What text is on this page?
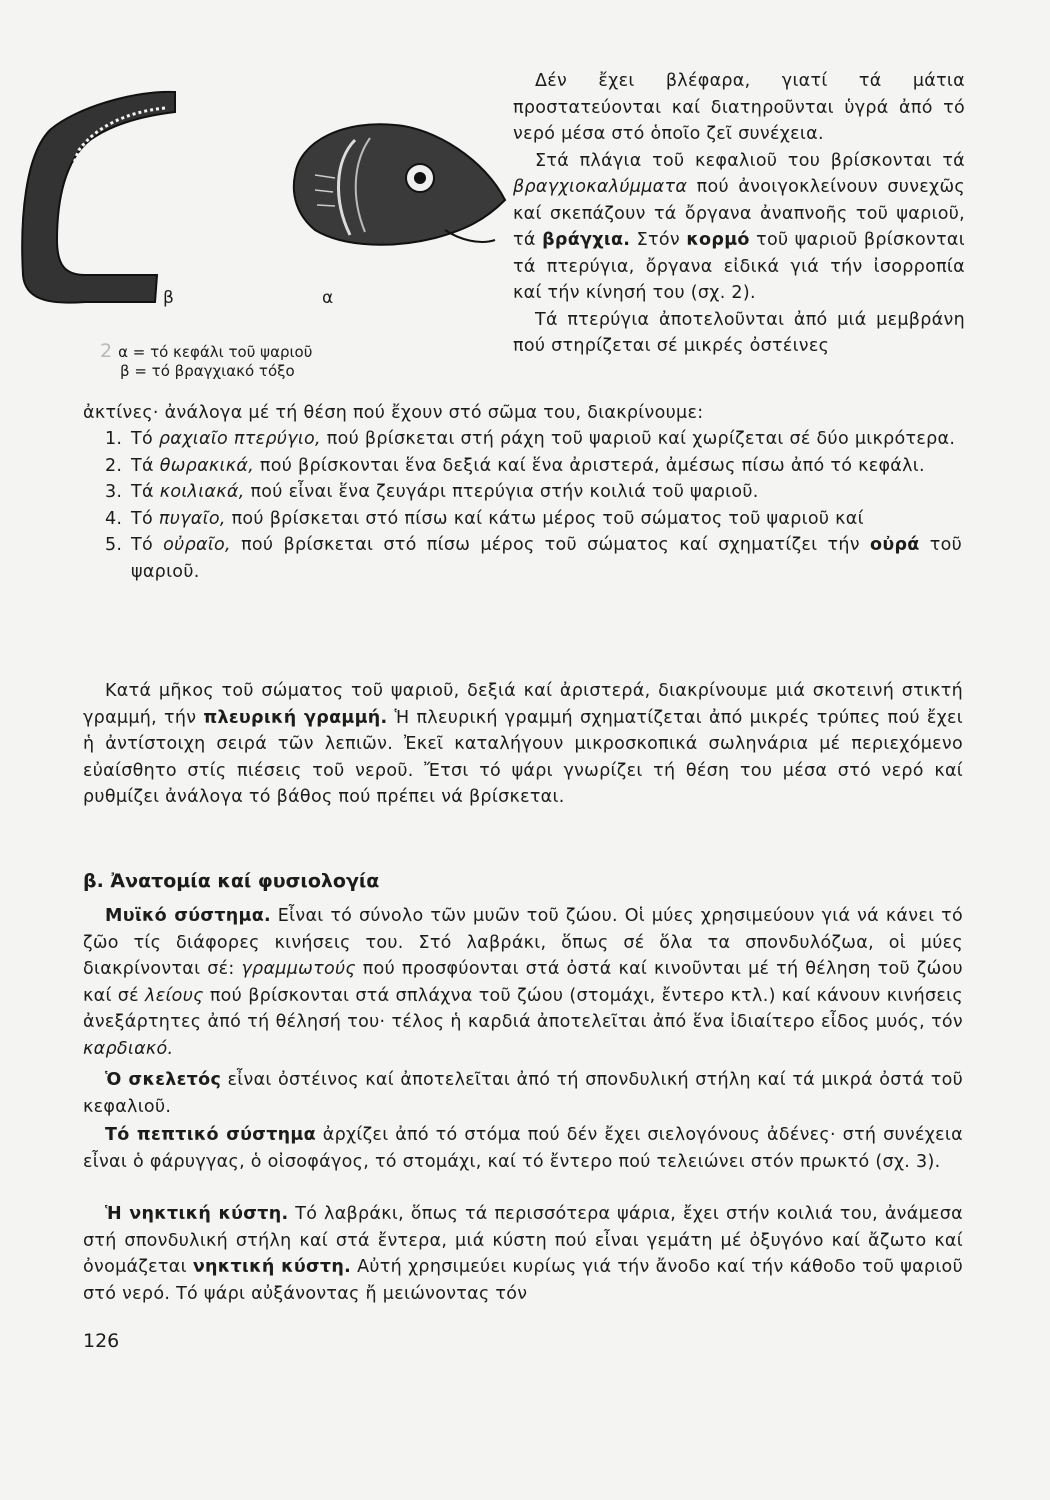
β	α
2 α = τό κεφάλι τοῦ ψαριοῦ
β = τό βραγχιακό τόξο

Δέν ἔχει βλέφαρα, γιατί τά μάτια προστατεύονται καί διατηροῦνται ὑγρά ἀπό τό νερό μέσα στό ὁποῖο ζεῖ συνέχεια.

Στά πλάγια τοῦ κεφαλιοῦ του βρίσκονται τά βραγχιοκαλύμματα πού ἀνοιγοκλείνουν συνεχῶς καί σκεπάζουν τά ὄργανα ἀναπνοῆς τοῦ ψαριοῦ, τά βράγχια. Στόν κορμό τοῦ ψαριοῦ βρίσκονται τά πτερύγια, ὄργανα εἰδικά γιά τήν ἰσορροπία καί τήν κίνησή του (σχ. 2).

Τά πτερύγια ἀποτελοῦνται ἀπό μιά μεμβράνη πού στηρίζεται σέ μικρές ὀστέινες

ἀκτίνες· ἀνάλογα μέ τή θέση πού ἔχουν στό σῶμα του, διακρίνουμε:
1. Τό ραχιαῖο πτερύγιο, πού βρίσκεται στή ράχη τοῦ ψαριοῦ καί χωρίζεται σέ δύο μικρότερα.
2. Τά θωρακικά, πού βρίσκονται ἕνα δεξιά καί ἕνα ἀριστερά, ἀμέσως πίσω ἀπό τό κεφάλι.
3. Τά κοιλιακά, πού εἶναι ἕνα ζευγάρι πτερύγια στήν κοιλιά τοῦ ψαριοῦ.
4. Τό πυγαῖο, πού βρίσκεται στό πίσω καί κάτω μέρος τοῦ σώματος τοῦ ψαριοῦ καί
5. Τό οὐραῖο, πού βρίσκεται στό πίσω μέρος τοῦ σώματος καί σχηματίζει τήν οὐρά τοῦ ψαριοῦ.
Κατά μῆκος τοῦ σώματος τοῦ ψαριοῦ, δεξιά καί ἀριστερά, διακρίνουμε μιά σκοτεινή στικτή γραμμή, τήν πλευρική γραμμή. Ἡ πλευρική γραμμή σχηματίζεται ἀπό μικρές τρύπες πού ἔχει ἡ ἀντίστοιχη σειρά τῶν λεπιῶν. Ἐκεῖ καταλήγουν μικροσκοπικά σωληνάρια μέ περιεχόμενο εὐαίσθητο στίς πιέσεις τοῦ νεροῦ. Ἔτσι τό ψάρι γνωρίζει τή θέση του μέσα στό νερό καί ρυθμίζει ἀνάλογα τό βάθος πού πρέπει νά βρίσκεται.
β. Ἀνατομία καί φυσιολογία
Μυϊκό σύστημα. Εἶναι τό σύνολο τῶν μυῶν τοῦ ζώου. Οἱ μύες χρησιμεύουν γιά νά κάνει τό ζῶο τίς διάφορες κινήσεις του. Στό λαβράκι, ὅπως σέ ὅλα τα σπονδυλόζωα, οἱ μύες διακρίνονται σέ: γραμμωτούς πού προσφύονται στά ὀστά καί κινοῦνται μέ τή θέληση τοῦ ζώου καί σέ λείους πού βρίσκονται στά σπλάχνα τοῦ ζώου (στομάχι, ἔντερο κτλ.) καί κάνουν κινήσεις ἀνεξάρτητες ἀπό τή θέλησή του· τέλος ἡ καρδιά ἀποτελεῖται ἀπό ἕνα ἰδιαίτερο εἶδος μυός, τόν καρδιακό.
Ὁ σκελετός εἶναι ὀστέινος καί ἀποτελεῖται ἀπό τή σπονδυλική στήλη καί τά μικρά ὀστά τοῦ κεφαλιοῦ.
Τό πεπτικό σύστημα ἀρχίζει ἀπό τό στόμα πού δέν ἔχει σιελογόνους ἀδένες· στή συνέχεια εἶναι ὁ φάρυγγας, ὁ οἰσοφάγος, τό στομάχι, καί τό ἔντερο πού τελειώνει στόν πρωκτό (σχ. 3).
Ἡ νηκτική κύστη. Τό λαβράκι, ὅπως τά περισσότερα ψάρια, ἔχει στήν κοιλιά του, ἀνάμεσα στή σπονδυλική στήλη καί στά ἔντερα, μιά κύστη πού εἶναι γεμάτη μέ ὀξυγόνο καί ἄζωτο καί ὀνομάζεται νηκτική κύστη. Αὐτή χρησιμεύει κυρίως γιά τήν ἄνοδο καί τήν κάθοδο τοῦ ψαριοῦ στό νερό. Τό ψάρι αὐξάνοντας ἤ μειώνοντας τόν
126
